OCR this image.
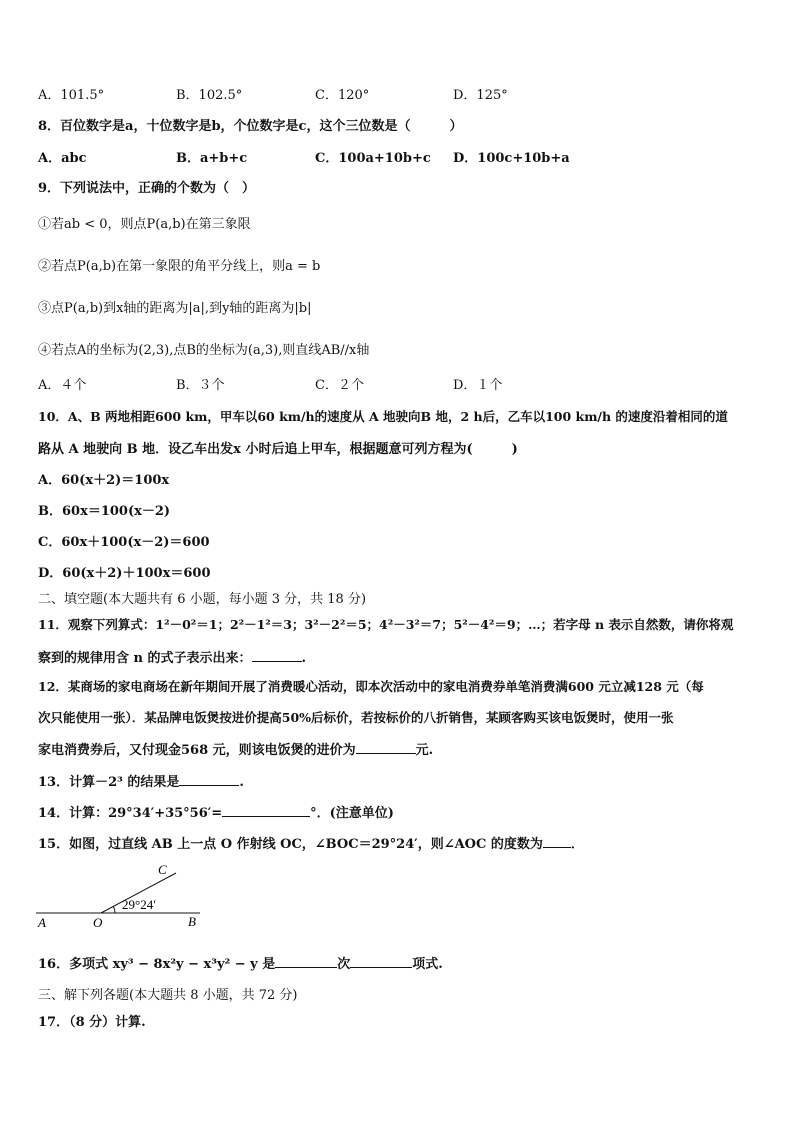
A．101.5°	B．102.5°	C．120°	D．125°
8．百位数字是a，十位数字是b，个位数字是c，这个三位数是（　　　）
A．abc	B．a+b+c	C．100a+10b+c D．100c+10b+a
9．下列说法中，正确的个数为（　）
①若ab < 0，则点P(a,b)在第三象限
②若点P(a,b)在第一象限的角平分线上，则a = b
③点P(a,b)到x轴的距离为|a|,到y轴的距离为|b|
④若点A的坐标为(2,3),点B的坐标为(a,3),则直线AB//x轴
A．４个	B．３个	C．２个	D．１个
10．A、B 两地相距600 km，甲车以60 km/h的速度从 A 地驶向B 地，2 h后，乙车以100 km/h 的速度沿着相同的道
路从 A 地驶向 B 地．设乙车出发x 小时后追上甲车，根据题意可列方程为(　　　)
A．60(x＋2)＝100x
B．60x＝100(x－2)
C．60x＋100(x－2)＝600
D．60(x＋2)＋100x＝600
二、填空题(本大题共有 6 小题，每小题 3 分，共 18 分)
11．观察下列算式：1²－0²＝1；2²－1²＝3；3²－2²＝5；4²－3²＝7；5²－4²＝9；…；若字母 n 表示自然数，请你将观
察到的规律用含 n 的式子表示出来：	.
12．某商场的家电商场在新年期间开展了消费暖心活动，即本次活动中的家电消费券单笔消费满600 元立减128 元（每
次只能使用一张）．某品牌电饭煲按进价提高50%后标价，若按标价的八折销售，某顾客购买该电饭煲时，使用一张
家电消费券后，又付现金568 元，则该电饭煲的进价为	元.
13．计算－2³ 的结果是	.
14．计算：29°34′+35°56′=	°．(注意单位)
15．如图，过直线 AB 上一点 O 作射线 OC，∠BOC＝29°24′，则∠AOC 的度数为 ．
A	O	B
C
29°24′
16．多项式 xy³ − 8x²y − x³y² − y 是	次	项式.
三、解下列各题(本大题共 8 小题，共 72 分)
17．（8 分）计算.
